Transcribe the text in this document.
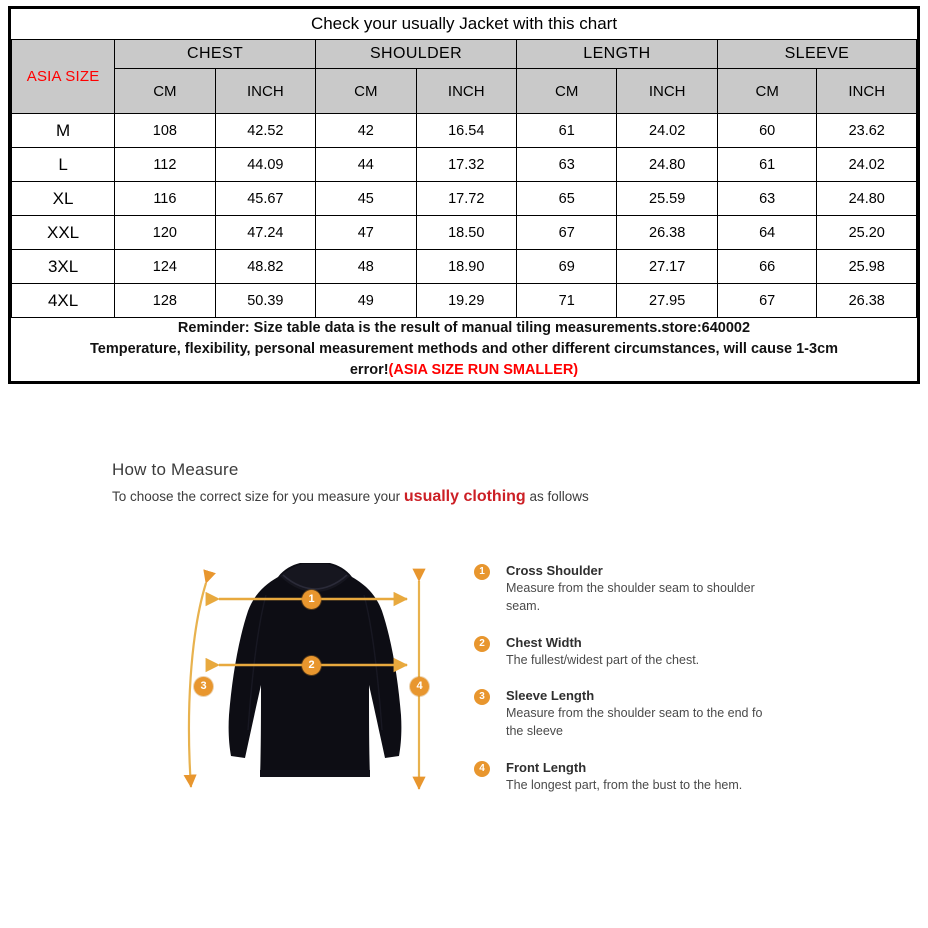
Check your usually Jacket with this chart								
ASIA SIZE	CHEST		SHOULDER		LENGTH		SLEEVE	
	CM	INCH	CM	INCH	CM	INCH	CM	INCH
M	108	42.52	42	16.54	61	24.02	60	23.62
L	112	44.09	44	17.32	63	24.80	61	24.02
XL	116	45.67	45	17.72	65	25.59	63	24.80
XXL	120	47.24	47	18.50	67	26.38	64	25.20
3XL	124	48.82	48	18.90	69	27.17	66	25.98
4XL	128	50.39	49	19.29	71	27.95	67	26.38

Reminder: Size table data is the result of manual tiling measurements.store:640002
Temperature, flexibility, personal measurement methods and other different circumstances, will cause 1-3cm
error!(ASIA SIZE RUN SMALLER)								
How to Measure
To choose the correct size for you measure your usually clothing as follows
1
2
3	4
1	Cross Shoulder
Measure from the shoulder seam to shoulder seam.
2	Chest Width
The fullest/widest part of the chest.
3	Sleeve Length
Measure from the shoulder seam to the end fo the sleeve
4	Front Length
The longest part, from the bust to the hem.
